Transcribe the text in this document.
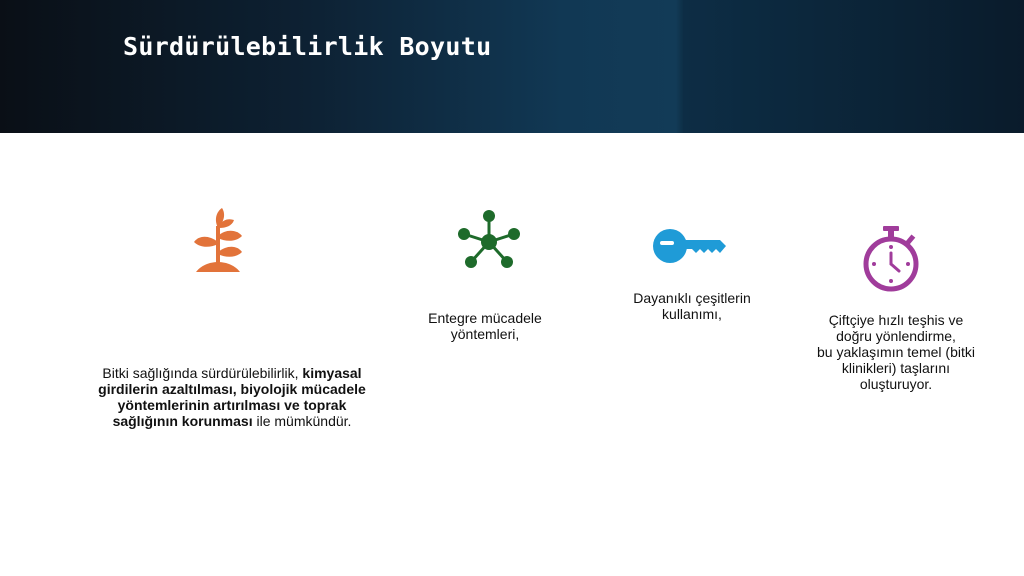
Sürdürülebilirlik Boyutu
Bitki sağlığında sürdürülebilirlik, kimyasal
girdilerin azaltılması, biyolojik mücadele
yöntemlerinin artırılması ve toprak
sağlığının korunması ile mümkündür.
Entegre mücadele
yöntemleri,
Dayanıklı çeşitlerin
kullanımı,	Çiftçiye hızlı teşhis ve
doğru yönlendirme,
bu yaklaşımın temel (bitki
klinikleri) taşlarını
oluşturuyor.
